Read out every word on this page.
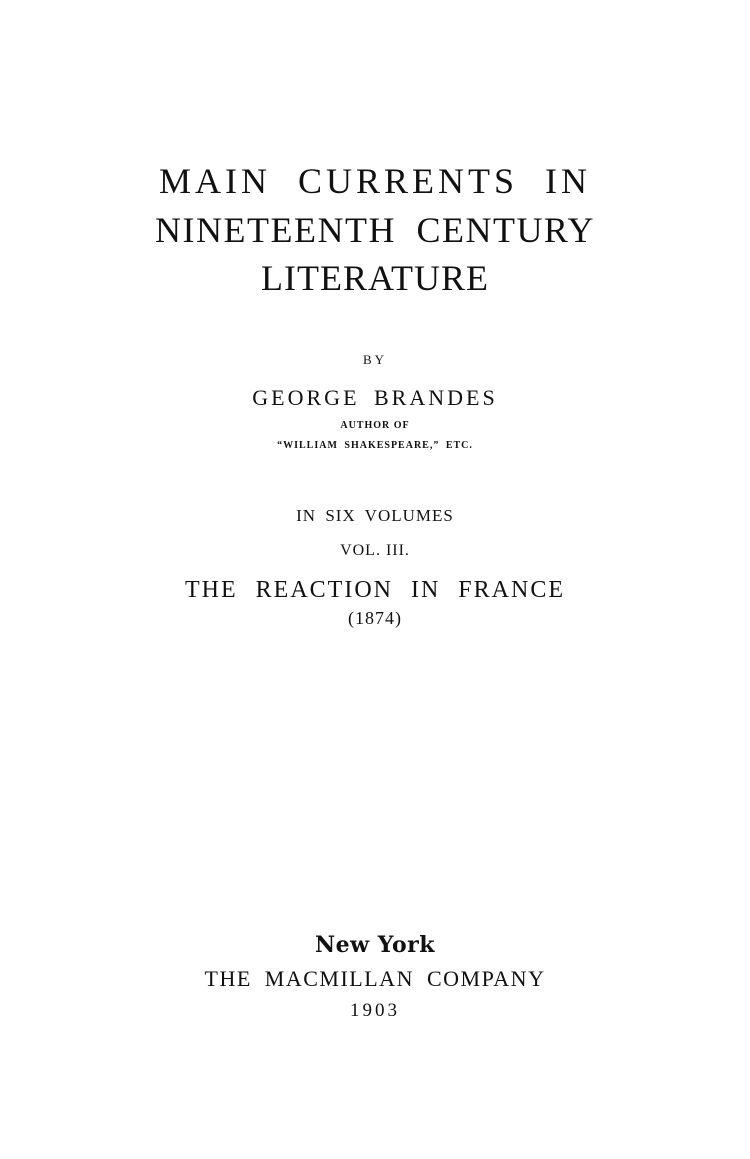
MAIN CURRENTS IN
NINETEENTH CENTURY
LITERATURE
BY
GEORGE BRANDES
AUTHOR OF
“WILLIAM SHAKESPEARE,” ETC.
IN SIX VOLUMES
VOL. III.
THE REACTION IN FRANCE
(1874)
New York
THE MACMILLAN COMPANY
1903
